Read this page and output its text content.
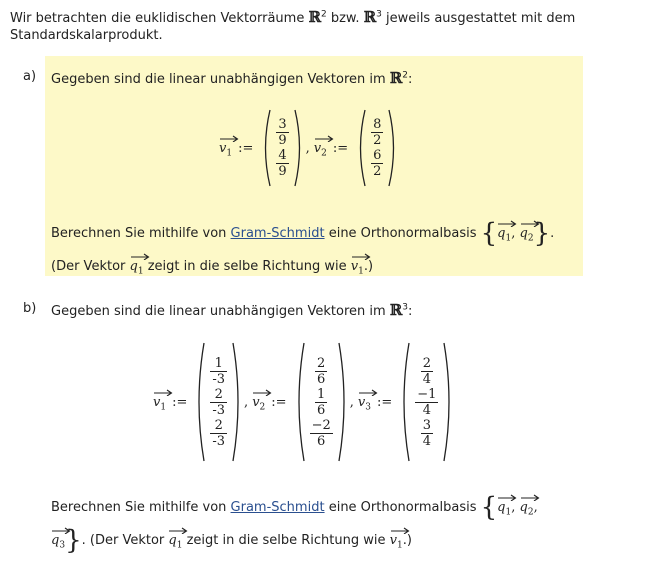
Wir betrachten die euklidischen Vektorräume ℝ$^2$ bzw. ℝ$^3$ jeweils ausgestattet mit dem Standardskalarprodukt.
a) Gegeben sind die linear unabhängigen Vektoren im ℝ$^2$:
$v_1$ := $\frac{3}{9}$
$\frac{4}{9}$ , $v_2$ := $\frac{8}{2}$
$\frac{6}{2}$
Berechnen Sie mithilfe von Gram-Schmidt eine Orthonormalbasis {
$q_1$,
$q_2$}.
(Der Vektor $q_1$ zeigt in die selbe Richtung wie $v_1$.)
b) Gegeben sind die linear unabhängigen Vektoren im ℝ$^3$:
$v_1$ :=
$\frac{1}{-3}$
$\frac{2}{-3}$
$\frac{2}{-3}$
, $v_2$ :=
$\frac{2}{6}$
$\frac{1}{6}$
$\frac{-2}{6}$
, $v_3$ :=
$\frac{2}{4}$
$\frac{-1}{4}$
$\frac{3}{4}$
Berechnen Sie mithilfe von Gram-Schmidt eine Orthonormalbasis {
$q_1$,
$q_2$,
$q_3$}. (Der Vektor $q_1$ zeigt in die selbe Richtung wie $v_1$.)
